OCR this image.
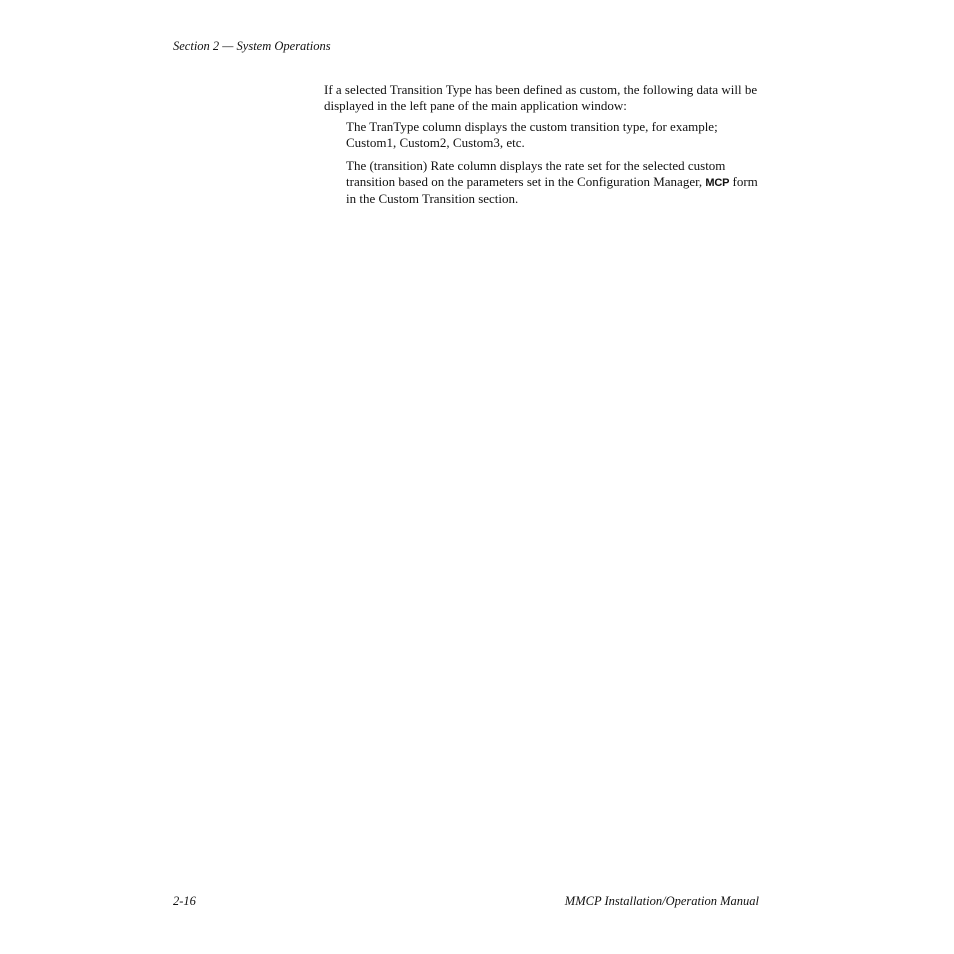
Section 2 — System Operations

If a selected Transition Type has been defined as custom, the following data will be displayed in the left pane of the main application window:

The TranType column displays the custom transition type, for example; Custom1, Custom2, Custom3, etc.

The (transition) Rate column displays the rate set for the selected custom transition based on the parameters set in the Configuration Manager, MCP form in the Custom Transition section.

2-16	MMCP Installation/Operation Manual
